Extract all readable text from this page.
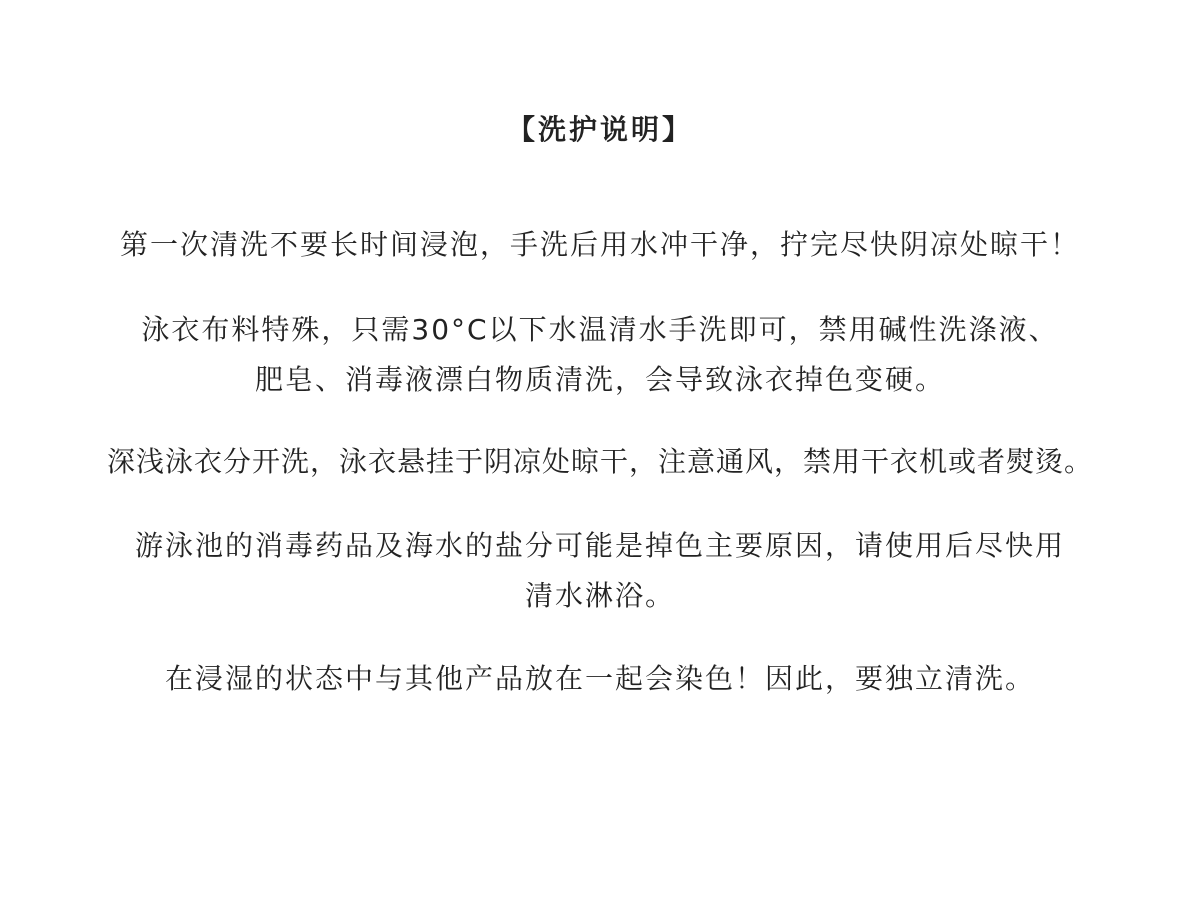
【洗护说明】
第一次清洗不要长时间浸泡，手洗后用水冲干净，拧完尽快阴凉处晾干！
泳衣布料特殊，只需30°C以下水温清水手洗即可，禁用碱性洗涤液、
肥皂、消毒液漂白物质清洗，会导致泳衣掉色变硬。
深浅泳衣分开洗，泳衣悬挂于阴凉处晾干，注意通风，禁用干衣机或者熨烫。
游泳池的消毒药品及海水的盐分可能是掉色主要原因，请使用后尽快用
清水淋浴。
在浸湿的状态中与其他产品放在一起会染色！因此，要独立清洗。
